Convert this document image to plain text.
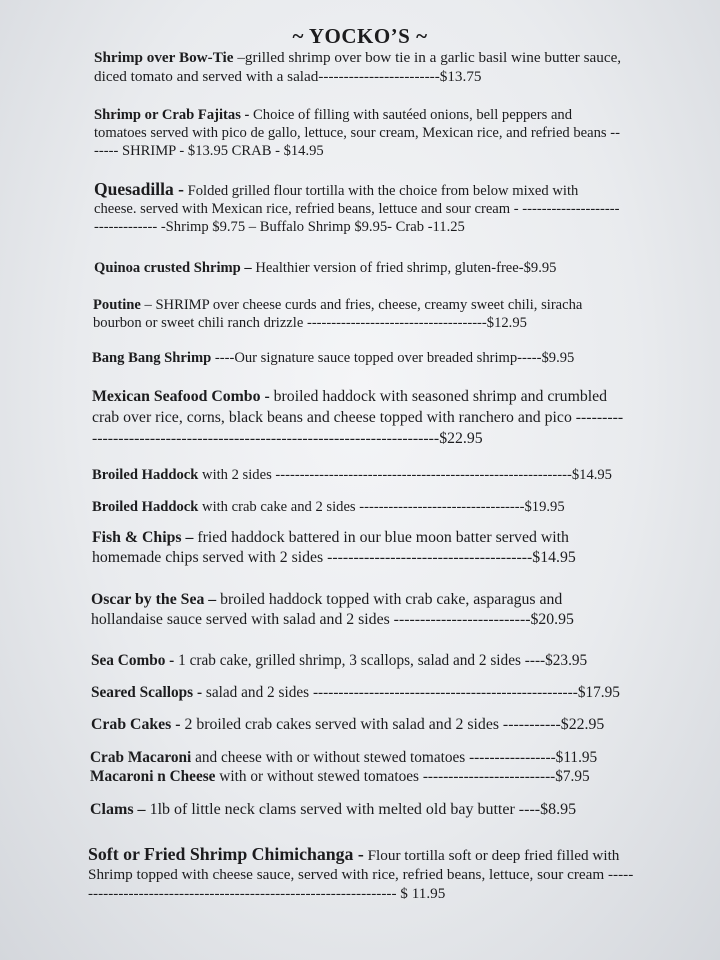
~ YOCKO’S ~
Shrimp over Bow-Tie –grilled shrimp over bow tie in a garlic basil wine butter sauce, diced tomato and served with a salad------------------------$13.75
Shrimp or Crab Fajitas - Choice of filling with sautéed onions, bell peppers and tomatoes served with pico de gallo, lettuce, sour cream, Mexican rice, and refried beans ------- SHRIMP - $13.95 CRAB - $14.95
Quesadilla - Folded grilled flour tortilla with the choice from below mixed with cheese. served with Mexican rice, refried beans, lettuce and sour cream - --------------------------------- -Shrimp $9.75 – Buffalo Shrimp $9.95- Crab -11.25
Quinoa crusted Shrimp – Healthier version of fried shrimp, gluten-free-$9.95
Poutine – SHRIMP over cheese curds and fries, cheese, creamy sweet chili, siracha bourbon or sweet chili ranch drizzle -------------------------------------$12.95
Bang Bang Shrimp ----Our signature sauce topped over breaded shrimp-----$9.95
Mexican Seafood Combo - broiled haddock with seasoned shrimp and crumbled crab over rice, corns, black beans and cheese topped with ranchero and pico ---------------------------------------------------------------------------$22.95
Broiled Haddock with 2 sides -------------------------------------------------------------$14.95
Broiled Haddock with crab cake and 2 sides ----------------------------------$19.95
Fish & Chips – fried haddock battered in our blue moon batter served with homemade chips served with 2 sides ---------------------------------------$14.95
Oscar by the Sea – broiled haddock topped with crab cake, asparagus and hollandaise sauce served with salad and 2 sides --------------------------$20.95
Sea Combo - 1 crab cake, grilled shrimp, 3 scallops, salad and 2 sides ----$23.95
Seared Scallops - salad and 2 sides ----------------------------------------------------$17.95
Crab Cakes - 2 broiled crab cakes served with salad and 2 sides -----------$22.95
Crab Macaroni and cheese with or without stewed tomatoes -----------------$11.95
Macaroni n Cheese with or without stewed tomatoes --------------------------$7.95
Clams – 1lb of little neck clams served with melted old bay butter ----$8.95
Soft or Fried Shrimp Chimichanga - Flour tortilla soft or deep fried filled with Shrimp topped with cheese sauce, served with rice, refried beans, lettuce, sour cream ------------------------------------------------------------------ $ 11.95
